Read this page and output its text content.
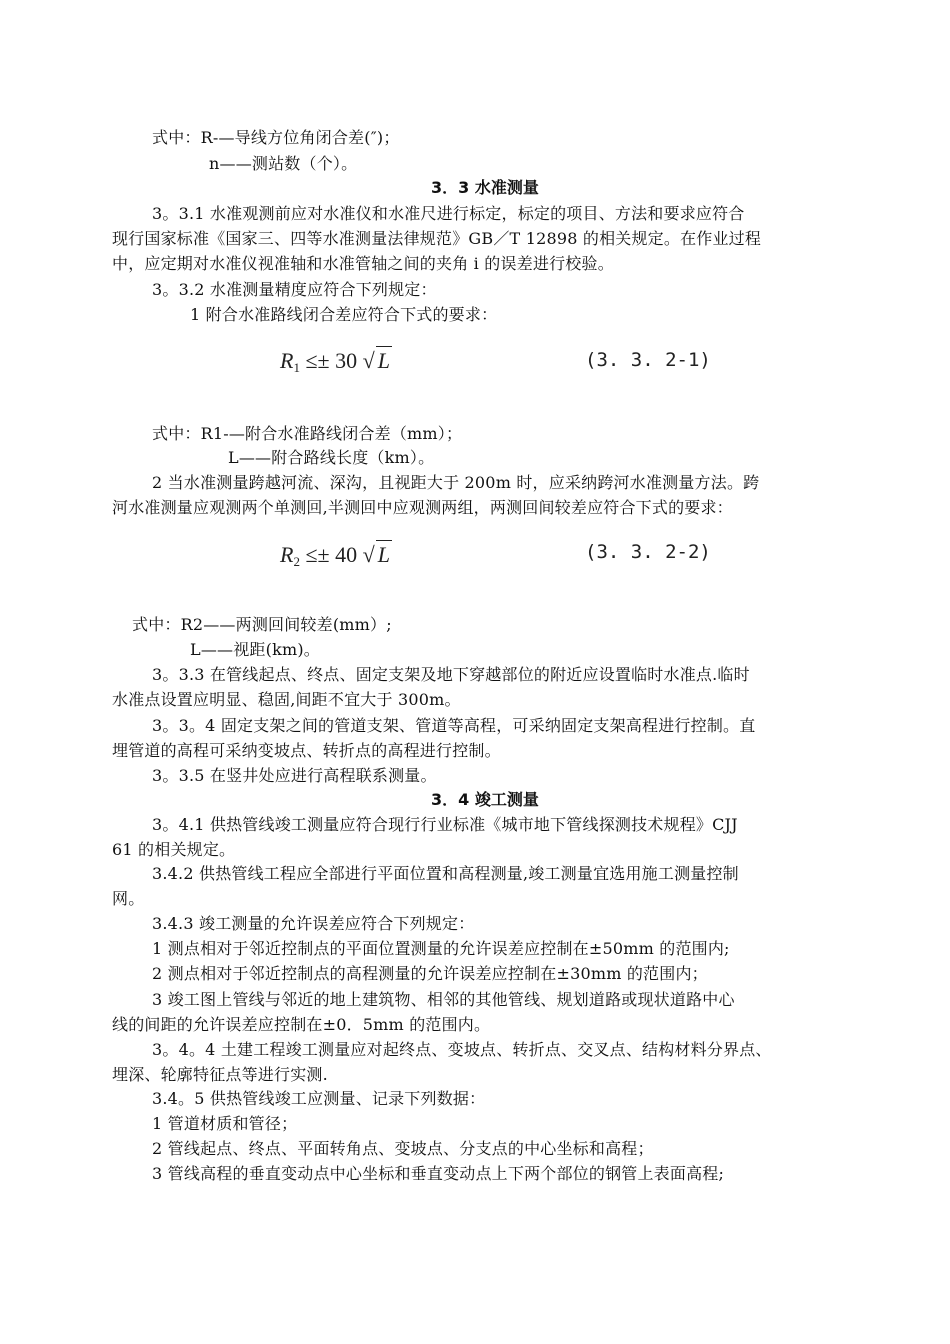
式中：R-—导线方位角闭合差(″)；
n——测站数（个）。
3．3 水准测量
3。3.1 水准观测前应对水准仪和水准尺进行标定，标定的项目、方法和要求应符合
现行国家标准《国家三、四等水准测量法律规范》GB／T 12898 的相关规定。在作业过程
中，应定期对水准仪视准轴和水准管轴之间的夹角 i 的误差进行校验。
3。3.2 水准测量精度应符合下列规定：
1 附合水准路线闭合差应符合下式的要求：
$R_1 \le\pm 30$ √ L	(3. 3. 2-1)
式中：R1-—附合水准路线闭合差（mm）；
L——附合路线长度（km）。
2 当水准测量跨越河流、深沟，且视距大于 200m 时，应采纳跨河水准测量方法。跨
河水准测量应观测两个单测回,半测回中应观测两组，两测回间较差应符合下式的要求：
$R_2 \le\pm 40$ √ L	(3. 3. 2-2)
式中：R2——两测回间较差(mm）;
L——视距(km)。
3。3.3 在管线起点、终点、固定支架及地下穿越部位的附近应设置临时水准点.临时
水准点设置应明显、稳固,间距不宜大于 300m。
3。3。4 固定支架之间的管道支架、管道等高程，可采纳固定支架高程进行控制。直
埋管道的高程可采纳变坡点、转折点的高程进行控制。
3。3.5 在竖井处应进行高程联系测量。
3．4 竣工测量
3。4.1 供热管线竣工测量应符合现行行业标准《城市地下管线探测技术规程》CJJ
61 的相关规定。
3.4.2 供热管线工程应全部进行平面位置和高程测量,竣工测量宜选用施工测量控制
网。
3.4.3 竣工测量的允许误差应符合下列规定：
1 测点相对于邻近控制点的平面位置测量的允许误差应控制在±50mm 的范围内;
2 测点相对于邻近控制点的高程测量的允许误差应控制在±30mm 的范围内；
3 竣工图上管线与邻近的地上建筑物、相邻的其他管线、规划道路或现状道路中心
线的间距的允许误差应控制在±0．5mm 的范围内。
3。4。4 土建工程竣工测量应对起终点、变坡点、转折点、交叉点、结构材料分界点、
埋深、轮廓特征点等进行实测.
3.4。5 供热管线竣工应测量、记录下列数据：
1 管道材质和管径；
2 管线起点、终点、平面转角点、变坡点、分支点的中心坐标和高程；
3 管线高程的垂直变动点中心坐标和垂直变动点上下两个部位的钢管上表面高程;
